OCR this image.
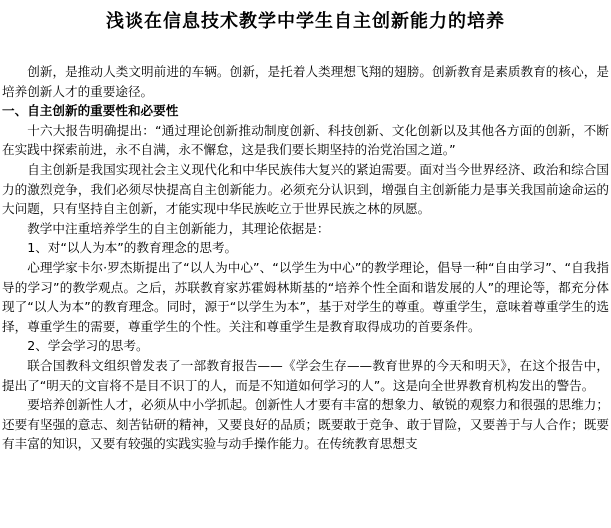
浅谈在信息技术教学中学生自主创新能力的培养

创新，是推动人类文明前进的车辆。创新，是托着人类理想飞翔的翅膀。创新教育是素质教育的核心，是培养创新人才的重要途径。

一、自主创新的重要性和必要性

十六大报告明确提出：“通过理论创新推动制度创新、科技创新、文化创新以及其他各方面的创新，不断在实践中探索前进，永不自满，永不懈怠，这是我们要长期坚持的治党治国之道。”

自主创新是我国实现社会主义现代化和中华民族伟大复兴的紧迫需要。面对当今世界经济、政治和综合国力的激烈竞争，我们必须尽快提高自主创新能力。必须充分认识到，增强自主创新能力是事关我国前途命运的大问题，只有坚持自主创新，才能实现中华民族屹立于世界民族之林的夙愿。

教学中注重培养学生的自主创新能力，其理论依据是：

1、对“以人为本”的教育理念的思考。

心理学家卡尔·罗杰斯提出了“以人为中心”、“以学生为中心”的教学理论，倡导一种“自由学习”、“自我指导的学习”的教学观点。之后，苏联教育家苏霍姆林斯基的“培养个性全面和谐发展的人”的理论等，都充分体现了“以人为本”的教育理念。同时，源于“以学生为本”，基于对学生的尊重。尊重学生，意味着尊重学生的选择，尊重学生的需要，尊重学生的个性。关注和尊重学生是教育取得成功的首要条件。

2、学会学习的思考。

联合国教科文组织曾发表了一部教育报告——《学会生存——教育世界的今天和明天》，在这个报告中，提出了“明天的文盲将不是目不识丁的人，而是不知道如何学习的人”。这是向全世界教育机构发出的警告。

要培养创新性人才，必须从中小学抓起。创新性人才要有丰富的想象力、敏锐的观察力和很强的思维力；还要有坚强的意志、刻苦钻研的精神，又要良好的品质；既要敢于竞争、敢于冒险，又要善于与人合作；既要有丰富的知识，又要有较强的实践实验与动手操作能力。在传统教育思想支
